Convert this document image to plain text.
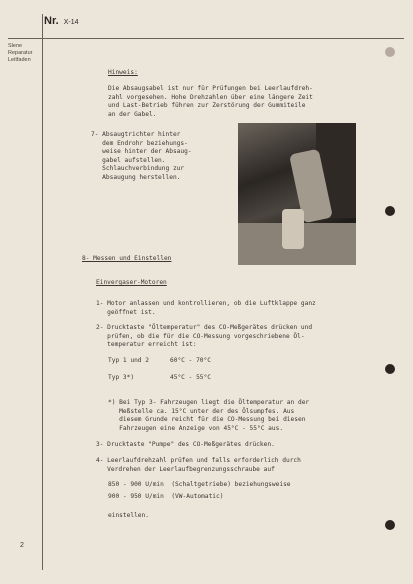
Nr. X-14
Slene
Reparatur
Leitfaden
Hinweis:
Die Absaugsabel ist nur für Prüfungen bei Leerlaufdreh-
zahl vorgesehen. Hohe Drehzahlen über eine längere Zeit
und Last-Betrieb führen zur Zerstörung der Gummiteile
an der Gabel.
7- Absaugtrichter hinter
dem Endrohr beziehungs-
weise hinter der Absaug-
gabel aufstellen.
Schlauchverbindung zur
Absaugung herstellen.
8- Messen und Einstellen
Einvergaser-Motoren
1- Motor anlassen und kontrollieren, ob die Luftklappe ganz
geöffnet ist.
2- Drucktaste "Öltemperatur" des CO-Meßgerätes drücken und
prüfen, ob die für die CO-Messung vorgeschriebene Öl-
temperatur erreicht ist:
Typ 1 und 2	60°C - 70°C
Typ 3*)	45°C - 55°C
*) Bei Typ 3- Fahrzeugen liegt die Öltemperatur an der
Meßstelle ca. 15°C unter der des Ölsumpfes. Aus
diesem Grunde reicht für die CO-Messung bei diesen
Fahrzeugen eine Anzeige von 45°C - 55°C aus.
3- Drucktaste "Pumpe" des CO-Meßgerätes drücken.
4- Leerlaufdrehzahl prüfen und falls erforderlich durch
Verdrehen der Leerlaufbegrenzungsschraube auf
850 - 900 U/min  (Schaltgetriebe) beziehungsweise
900 - 950 U/min  (VW-Automatic)
einstellen.
2
